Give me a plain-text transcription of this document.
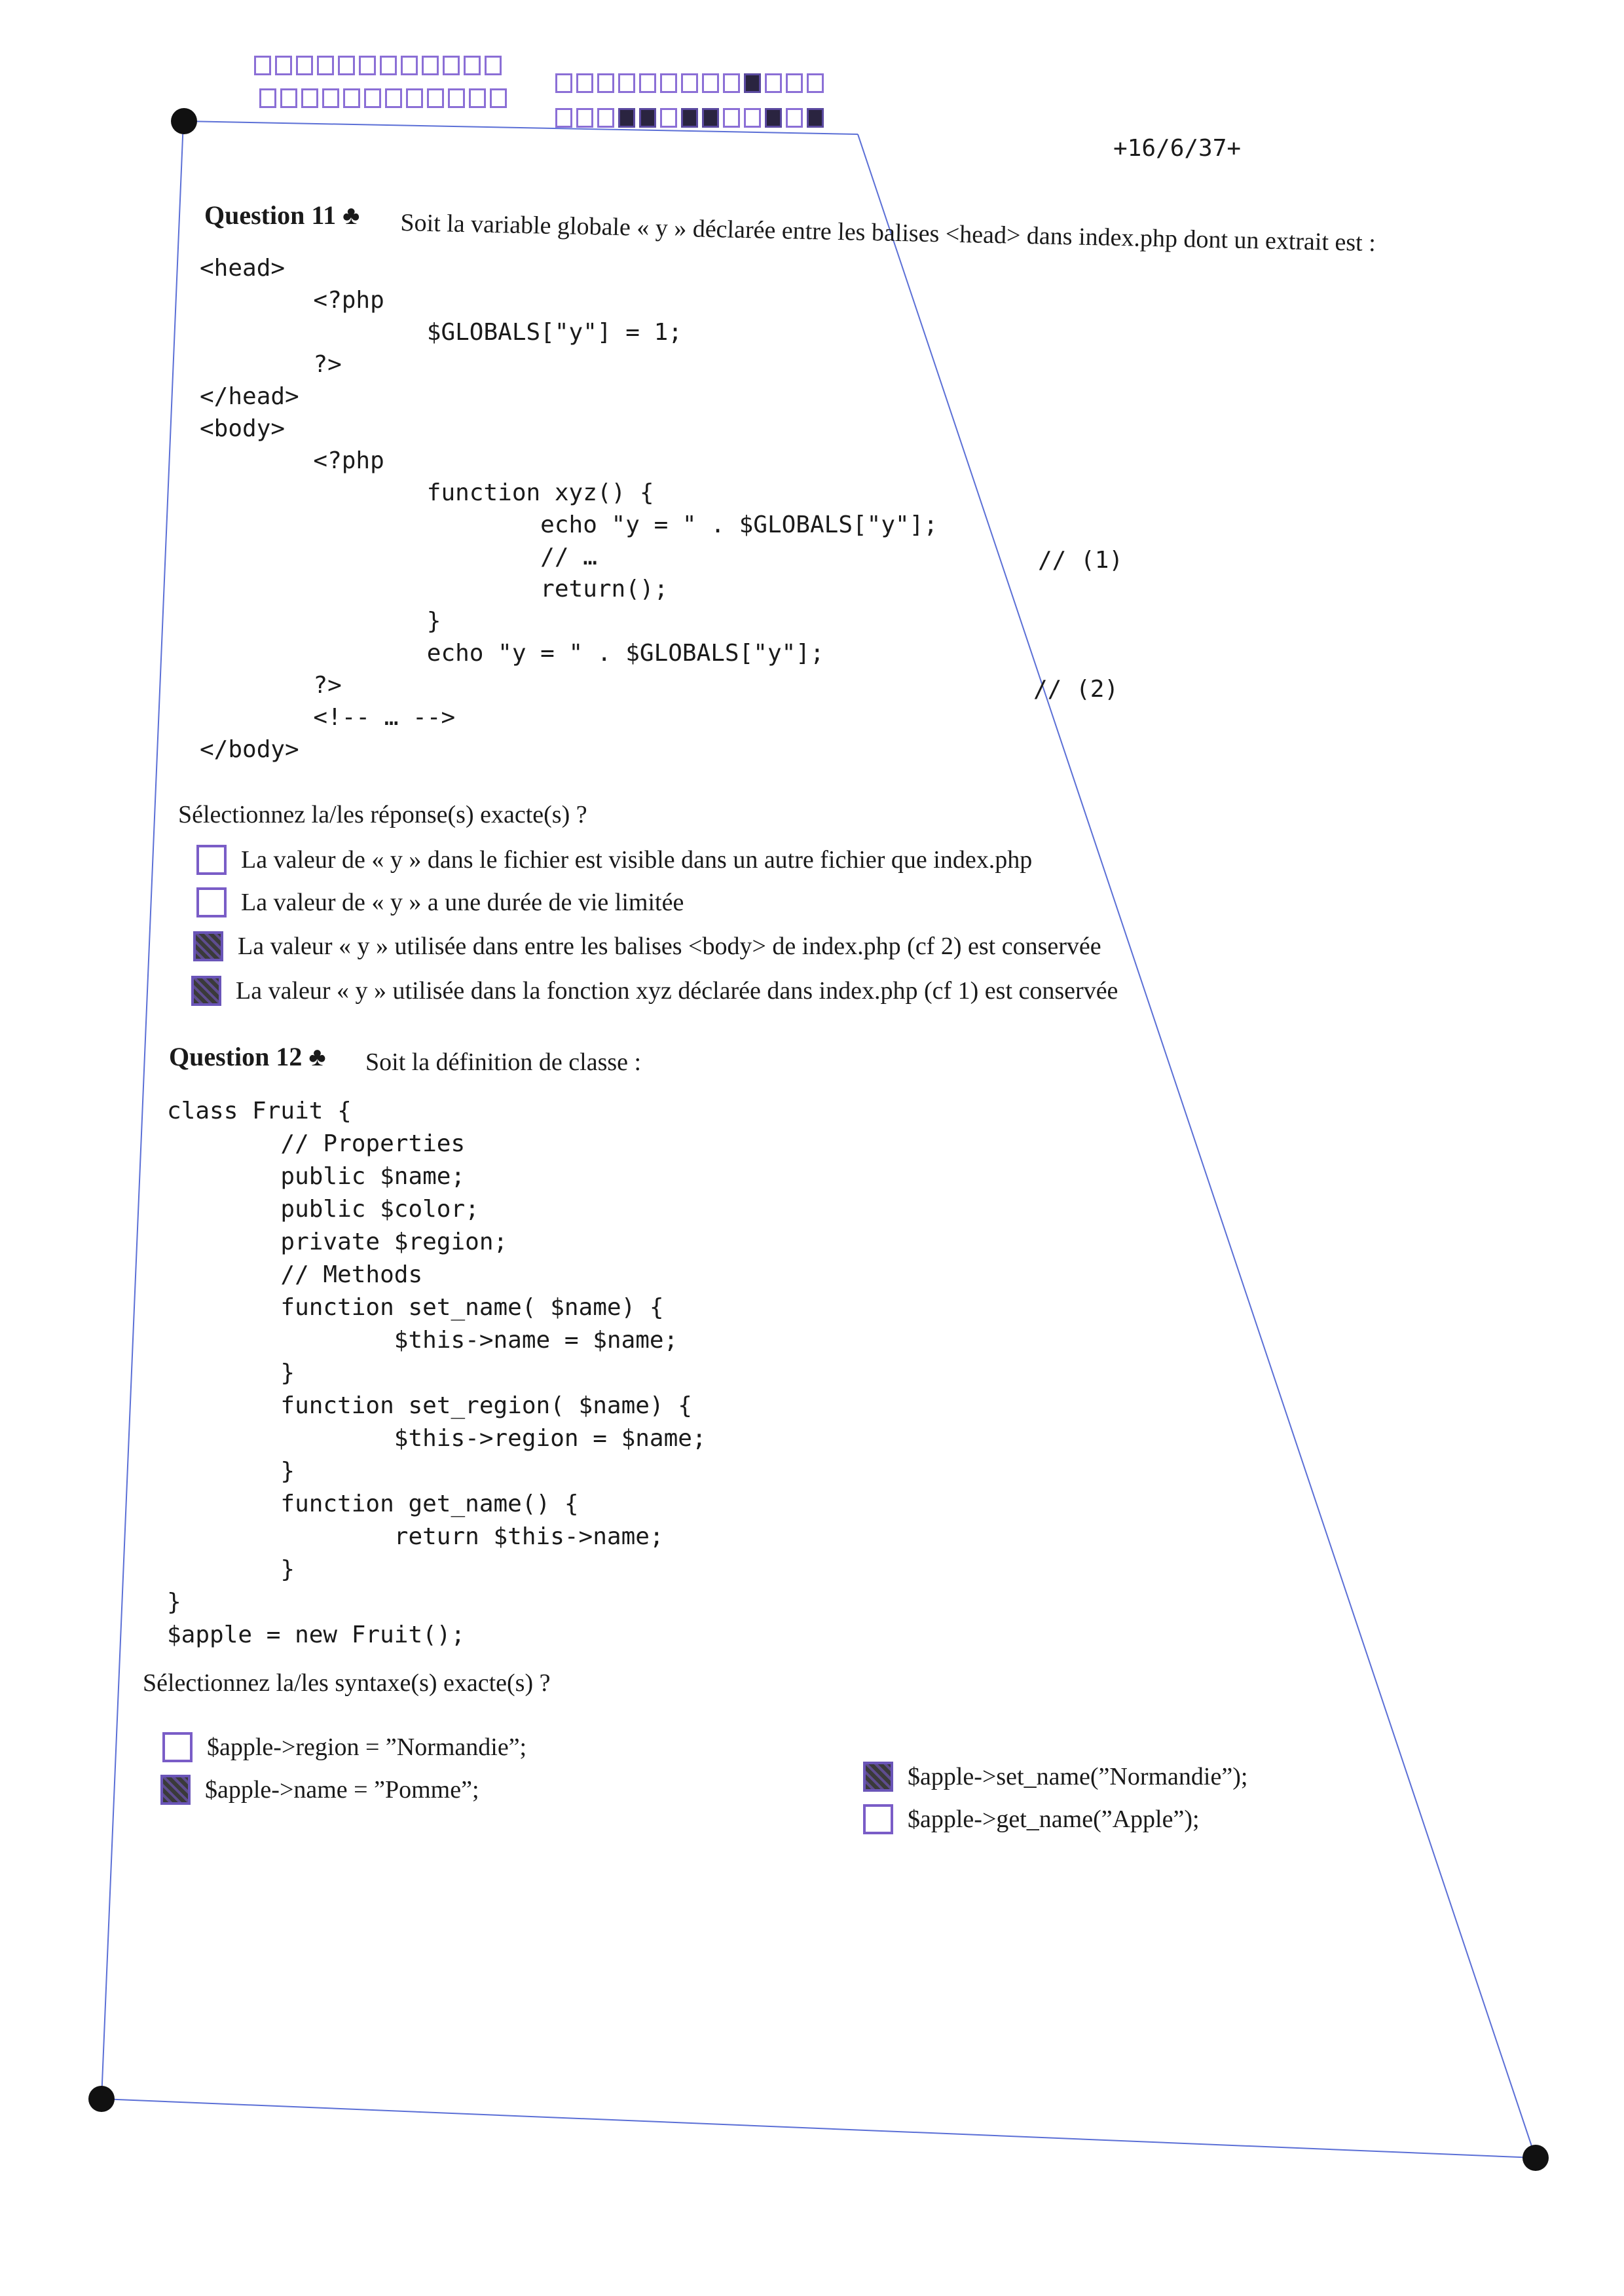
+16/6/37+
Question 11 ♣ Soit la variable globale « y » déclarée entre les balises <head> dans index.php dont un extrait est :
<head>
<?php
$GLOBALS["y"] = 1;
?>
</head>
<body>
<?php
function xyz() {
echo "y = " . $GLOBALS["y"];
// …
return();
}
echo "y = " . $GLOBALS["y"];
?>
<!-- … -->
</body>
// (1)
// (2)
Sélectionnez la/les réponse(s) exacte(s) ?
La valeur de « y » dans le fichier est visible dans un autre fichier que index.php
La valeur de « y » a une durée de vie limitée
La valeur « y » utilisée dans entre les balises <body> de index.php (cf 2) est conservée
La valeur « y » utilisée dans la fonction xyz déclarée dans index.php (cf 1) est conservée
Question 12 ♣ Soit la définition de classe :
class Fruit {
// Properties
public $name;
public $color;
private $region;
// Methods
function set_name( $name) {
$this->name = $name;
}
function set_region( $name) {
$this->region = $name;
}
function get_name() {
return $this->name;
}
}
$apple = new Fruit();
Sélectionnez la/les syntaxe(s) exacte(s) ?
$apple->region = ”Normandie”;
$apple->name = ”Pomme”;	$apple->set_name(”Normandie”);
$apple->get_name(”Apple”);
